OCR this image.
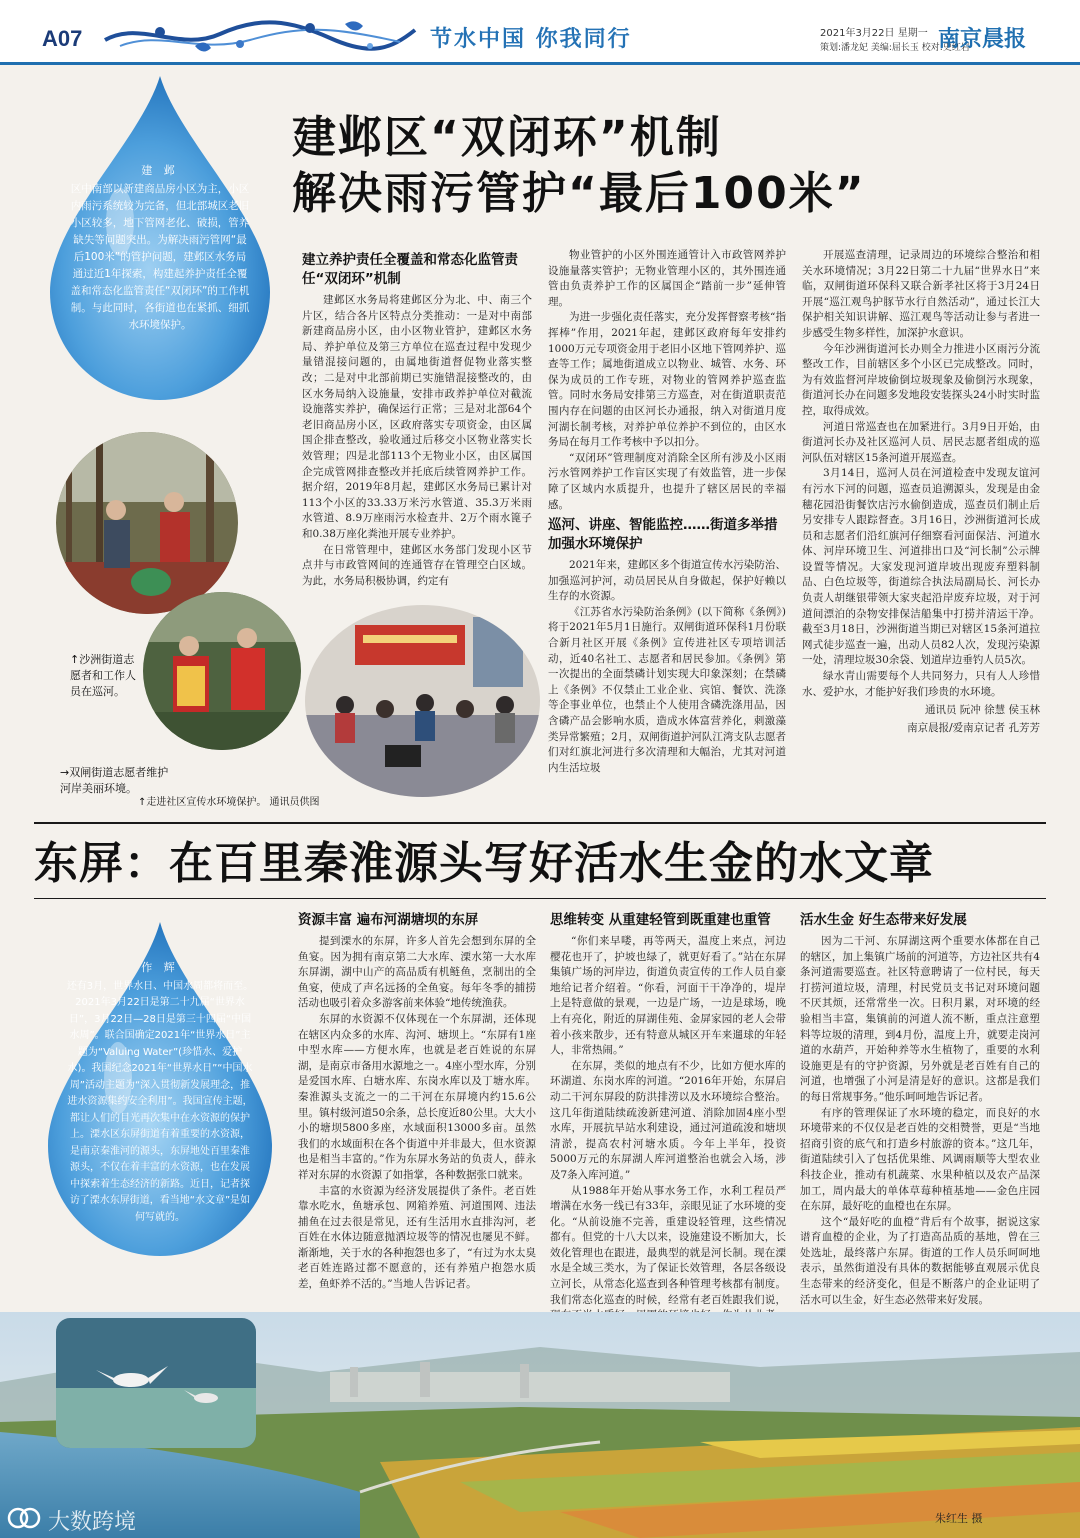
A07	节水中国 你我同行	2021年3月22日 星期一
策划:潘龙妃 美编:屈长玉 校对:史红岩
南京晨报
建 邺
区中南部以新建商品房小区为主，小区内雨污系统较为完备，但北部城区老旧小区较多，地下管网老化、破损，管养缺失等问题突出。为解决雨污管网“最后100米”的管护问题，建邺区水务局通过近1年探索，构建起养护责任全覆盖和常态化监管责任“双闭环”的工作机制。与此同时，各街道也在紧抓、细抓水环境保护。
建邺区“双闭环”机制
解决雨污管护“最后100米”
↑沙洲街道志愿者和工作人员在巡河。
→双闸街道志愿者维护河岸美丽环境。
↑走进社区宣传水环境保护。 通讯员供图
建立养护责任全覆盖和常态化监管责任“双闭环”机制

建邺区水务局将建邺区分为北、中、南三个片区，结合各片区特点分类推动：一是对中南部新建商品房小区，由小区物业管护，建邺区水务局、养护单位及第三方单位在巡查过程中发现少量错混接问题的，由属地街道督促物业落实整改；二是对中北部前期已实施错混接整改的，由区水务局纳入设施量，安排市政养护单位对截流设施落实养护，确保运行正常；三是对北部64个老旧商品房小区，区政府落实专项资金，由区属国企排查整改，验收通过后移交小区物业落实长效管理；四是北部113个无物业小区，由区属国企完成管网排查整改并托底后续管网养护工作。据介绍，2019年8月起，建邺区水务局已累计对113个小区的33.33万米污水管道、35.3万米雨水管道、8.9万座雨污水检查井、2万个雨水篦子和0.38万座化粪池开展专业养护。

在日常管理中，建邺区水务部门发现小区节点井与市政管网间的连通管存在管理空白区域。为此，水务局积极协调，约定有

物业管护的小区外围连通管计入市政管网养护设施量落实管护；无物业管理小区的，其外围连通管由负责养护工作的区属国企“踏前一步”延伸管理。

为进一步强化责任落实，充分发挥督察考核“指挥棒”作用，2021年起，建邺区政府每年安排约1000万元专项资金用于老旧小区地下管网养护、巡查等工作；属地街道成立以物业、城管、水务、环保为成员的工作专班，对物业的管网养护巡查监管。同时水务局安排第三方巡查，对在街道职责范围内存在问题的由区河长办通报，纳入对街道月度河湖长制考核，对养护单位养护不到位的，由区水务局在每月工作考核中予以扣分。

“双闭环”管理制度对消除全区所有涉及小区雨污水管网养护工作盲区实现了有效监管，进一步保障了区域内水质提升，也提升了辖区居民的幸福感。

巡河、讲座、智能监控……街道多举措加强水环境保护

2021年来，建邺区多个街道宣传水污染防治、加强巡河护河，动员居民从自身做起，保护好赖以生存的水资源。

《江苏省水污染防治条例》(以下简称《条例》)将于2021年5月1日施行。双闸街道环保科1月份联合新月社区开展《条例》宣传进社区专项培训活动，近40名社工、志愿者和居民参加。《条例》第一次提出的全面禁磷计划实现大印象深刻；在禁磷上《条例》不仅禁止工业企业、宾馆、餐饮、洗涤等企事业单位，也禁止个人使用含磷洗涤用品，因含磷产品会影响水质，造成水体富营养化，刺激藻类异常繁殖；2月，双闸街道护河队江湾支队志愿者们对红旗北河进行多次清理和大幅治，尤其对河道内生活垃圾

开展巡查清理，记录周边的环境综合整治和相关水环境情况；3月22日第二十九届“世界水日”来临，双闸街道环保科又联合新孝社区将于3月24日开展“巡江观鸟护豚节水行自然活动”，通过长江大保护相关知识讲解、巡江观鸟等活动让参与者进一步感受生物多样性，加深护水意识。

今年沙洲街道河长办则全力推进小区雨污分流整改工作，目前辖区多个小区已完成整改。同时，为有效监督河岸坡偷倒垃圾现象及偷倒污水现象，街道河长办在问题多发地段安装探头24小时实时监控，取得成效。

河道日常巡查也在加紧进行。3月9日开始，由街道河长办及社区巡河人员、居民志愿者组成的巡河队伍对辖区15条河道开展巡查。

3月14日，巡河人员在河道检查中发现友谊河有污水下河的问题，巡查员追溯源头，发现是由金穗花园沿街餐饮店污水偷倒造成，巡查员们制止后另安排专人跟踪督查。3月16日，沙洲街道河长成员和志愿者们沿红旗河仔细察看河面保洁、河道水体、河岸环境卫生、河道排出口及“河长制”公示牌设置等情况。大家发现河道岸坡出现废弃塑料制品、白色垃圾等，街道综合执法局副局长、河长办负责人胡继银带领大家夹起沿岸废弃垃圾，对于河道间漂泊的杂物安排保洁船集中打捞并清运干净。截至3月18日，沙洲街道当期已对辖区15条河道拉网式徒步巡查一遍，出动人员82人次，发现污染源一处，清理垃圾30余袋、划道岸边垂钓人员5次。

绿水青山需要每个人共同努力，只有人人珍惜水、爱护水，才能护好我们珍贵的水环境。

通讯员 阮冲 徐慧 侯玉林
南京晨报/爱南京记者 孔芳芳
东屏：在百里秦淮源头写好活水生金的水文章
作 辉
还有3月，世界水日、中国水周都将而至。2021年3月22日是第二十九届“世界水日”，3月22日—28日是第三十四届“中国水周”。联合国确定2021年“世界水日”主题为“Valuing Water”(珍惜水、爱护水)。我国纪念2021年“世界水日”“中国水周”活动主题为“深入贯彻新发展理念，推进水资源集约安全利用”。我国宣传主题，都让人们的目光再次集中在水资源的保护上。溧水区东屏街道有着重要的水资源，是南京秦淮河的源头，东屏地处百里秦淮源头，不仅在着丰富的水资源，也在发展中探索着生态经济的新路。近日，记者探访了溧水东屏街道，看当地“水文章”是如何写就的。
资源丰富 遍布河湖塘坝的东屏

提到溧水的东屏，许多人首先会想到东屏的全鱼宴。因为拥有南京第二大水库、溧水第一大水库东屏湖，湖中山产的高品质有机鲢鱼，烹制出的全鱼宴，使成了声名远扬的全鱼宴。每年冬季的捕捞活动也吸引着众多游客前来体验“地传统渔获。

东屏的水资源不仅体现在一个东屏湖，还体现在辖区内众多的水库、沟河、塘坝上。“东屏有1座中型水库——方便水库，也就是老百姓说的东屏湖，是南京市备用水源地之一。4座小型水库，分别是爱国水库、白塘水库、东岗水库以及丁塘水库。秦淮源头支流之一的二干河在东屏境内约15.6公里。镇村级河道50余条，总长度近80公里。大大小小的塘坝5800多座，水域面积13000多亩。虽然我们的水域面积在各个街道中并非最大，但水资源也是相当丰富的。”作为东屏水务站的负责人，薛永祥对东屏的水资源了如指掌，各种数据张口就来。

丰富的水资源为经济发展提供了条件。老百姓靠水吃水，鱼塘承包、网箱养殖、河道围网、违法捕鱼在过去很是常见，还有生活用水直排沟河，老百姓在水体边随意抛洒垃圾等的情况也屡见不鲜。渐渐地，关于水的各种抱怨也多了，“有过为水太臭老百姓连路过都不愿意的，还有养殖户抱怨水质差，鱼虾养不活的。”当地人告诉记者。

思维转变 从重建轻管到既重建也重管

“你们来早喽，再等两天，温度上来点，河边樱花也开了，护坡也绿了，就更好看了。”站在东屏集镇广场的河岸边，街道负责宣传的工作人员自豪地给记者介绍着。“你看，河面干干净净的，堤岸上是特意做的景观，一边是广场，一边是球场，晚上有亮化，附近的屏湖佳苑、金屏家园的老人会带着小孩来散步，还有特意从城区开车来遛球的年轻人，非常热闹。”

在东屏，类似的地点有不少，比如方便水库的环湖道、东岗水库的河道。“2016年开始，东屏启动二干河东屏段的防洪排涝以及水环境综合整治。这几年街道陆续疏浚新建河道、消除加固4座小型水库，开展抗旱站水利建设，通过河道疏浚和塘坝清淤，提高农村河塘水质。今年上半年，投资5000万元的东屏湖人库河道整治也就会入场，涉及7条入库河道。”

从1988年开始从事水务工作，水利工程员严增满在水务一线已有33年，亲眼见证了水环境的变化。“从前设施不完善，重建设轻管理，这些情况都有。但党的十八大以来，设施建设不断加大，长效化管理也在跟进，最典型的就是河长制。现在溧水是全域三类水，为了保证长效管理，各层各级设立河长，从常态化巡查到各种管理考核都有制度。我们常态化巡查的时候，经常有老百姓跟我们说，

活水生金 好生态带来好发展

因为二干河、东屏湖这两个重要水体都在自己的辖区，加上集镇广场前的河道等，方边社区共有4条河道需要巡查。社区特意聘请了一位村民，每天打捞河道垃圾，清理，村民党员支书记对环境问题不厌其烦，还常常坐一次。日积月累，对环境的经验相当丰富，集镇前的河道人流不断，重点注意塑料等垃圾的清理，到4月份，温度上升，就要走岗河道的水葫芦，开始种养等水生植物了，重要的水利设施更是有的守护资源，另外就是老百姓有自己的河道，也增强了小河是清是好的意识。这都是我们的每日常规事务。”他乐呵呵地告诉记者。

有序的管理保证了水环境的稳定，而良好的水环境带来的不仅仅是老百姓的交相赞誉，更是“当地招商引资的底气和打造乡村旅游的资本。”这几年，街道陆续引入了包括优果维、风调雨顺等大型农业科技企业，推动有机蔬菜、水果种植以及农产品深加工，周内最大的单体草莓种植基地——金色庄园在东屏，最好吃的血橙也在东屏。

这个“最好吃的血橙”背后有个故事，据说这家谱育血橙的企业，为了打造高品质的基地，曾在三处选址，最终落户东屏。街道的工作人员乐呵呵地表示，虽然街道没有具体的数据能够直观展示优良生态带来的经济变化，但是不断落户的企业证明了活水可以生金，好生态必然带来好发展。

朱红生 摄
大数跨境
